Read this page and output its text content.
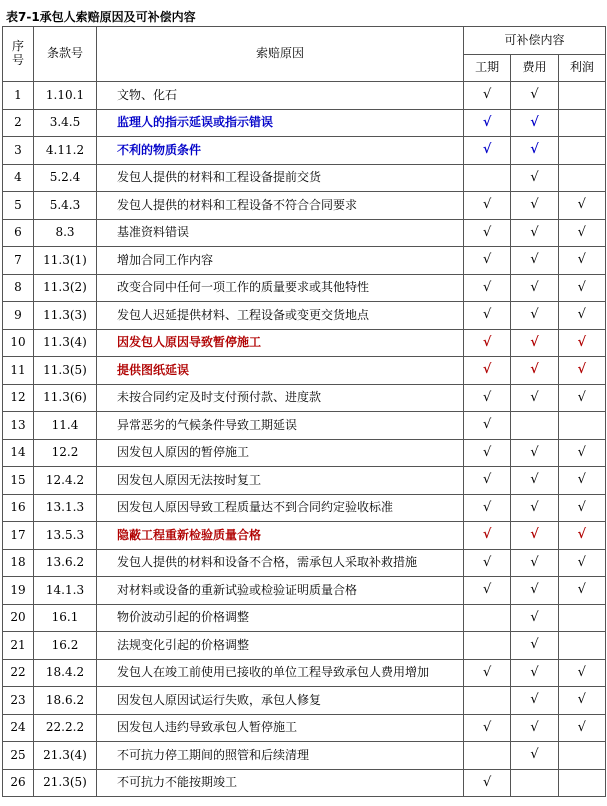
表7-1承包人索赔原因及可补偿内容
序
号	条款号	索赔原因	可补偿内容		
			工期	费用	利润
1	1.10.1	文物、化石	√	√	
2	3.4.5	监理人的指示延误或指示错误	√	√	
3	4.11.2	不利的物质条件	√	√	
4	5.2.4	发包人提供的材料和工程设备提前交货		√	
5	5.4.3	发包人提供的材料和工程设备不符合合同要求	√	√	√
6	8.3	基准资料错误	√	√	√
7	11.3(1)	增加合同工作内容	√	√	√
8	11.3(2)	改变合同中任何一项工作的质量要求或其他特性	√	√	√
9	11.3(3)	发包人迟延提供材料、工程设备或变更交货地点	√	√	√
10	11.3(4)	因发包人原因导致暂停施工	√	√	√
11	11.3(5)	提供图纸延误	√	√	√
12	11.3(6)	未按合同约定及时支付预付款、进度款	√	√	√
13	11.4	异常恶劣的气候条件导致工期延误	√		
14	12.2	因发包人原因的暂停施工	√	√	√
15	12.4.2	因发包人原因无法按时复工	√	√	√
16	13.1.3	因发包人原因导致工程质量达不到合同约定验收标准	√	√	√
17	13.5.3	隐蔽工程重新检验质量合格	√	√	√
18	13.6.2	发包人提供的材料和设备不合格，需承包人采取补救措施	√	√	√
19	14.1.3	对材料或设备的重新试验或检验证明质量合格	√	√	√
20	16.1	物价波动引起的价格调整		√	
21	16.2	法规变化引起的价格调整		√	
22	18.4.2	发包人在竣工前使用已接收的单位工程导致承包人费用增加	√	√	√
23	18.6.2	因发包人原因试运行失败，承包人修复		√	√
24	22.2.2	因发包人违约导致承包人暂停施工	√	√	√
25	21.3(4)	不可抗力停工期间的照管和后续清理		√	
26	21.3(5)	不可抗力不能按期竣工	√		
